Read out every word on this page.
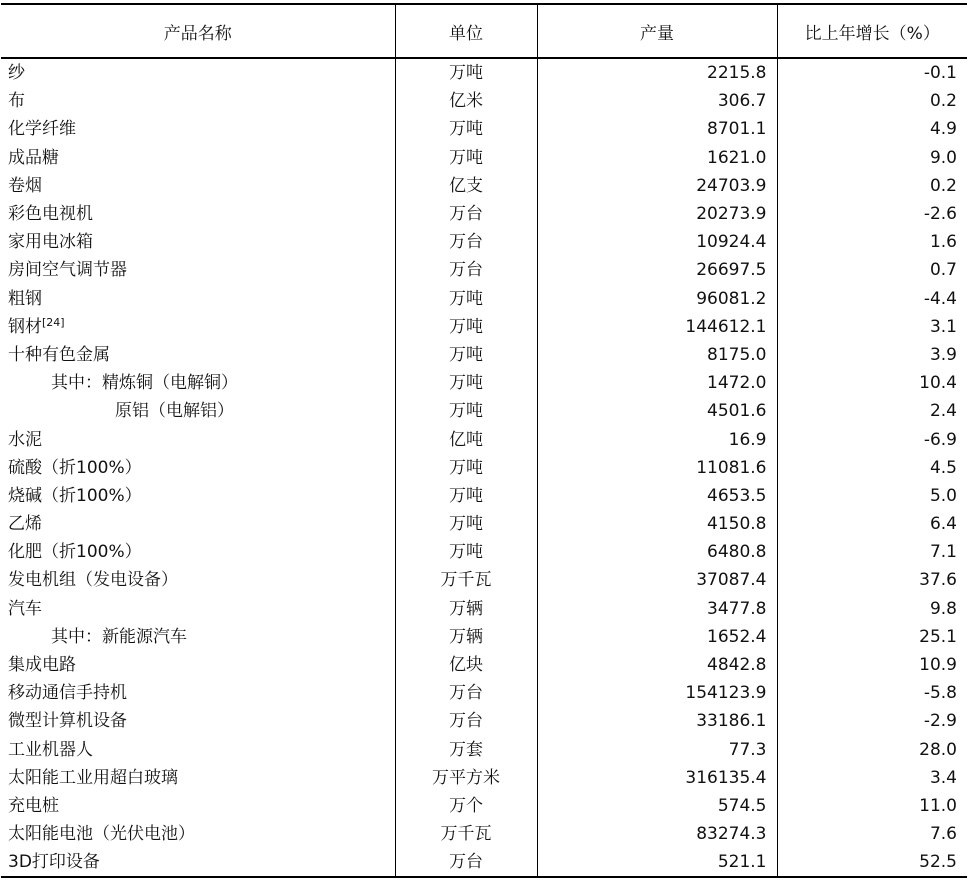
产品名称	单位	产量	比上年增长（%）
纱	万吨	2215.8	-0.1
布	亿米	306.7	0.2
化学纤维	万吨	8701.1	4.9
成品糖	万吨	1621.0	9.0
卷烟	亿支	24703.9	0.2
彩色电视机	万台	20273.9	-2.6
家用电冰箱	万台	10924.4	1.6
房间空气调节器	万台	26697.5	0.7
粗钢	万吨	96081.2	-4.4
钢材[24]	万吨	144612.1	3.1
十种有色金属	万吨	8175.0	3.9
其中：精炼铜（电解铜）	万吨	1472.0	10.4
原铝（电解铝）	万吨	4501.6	2.4
水泥	亿吨	16.9	-6.9
硫酸（折100%）	万吨	11081.6	4.5
烧碱（折100%）	万吨	4653.5	5.0
乙烯	万吨	4150.8	6.4
化肥（折100%）	万吨	6480.8	7.1
发电机组（发电设备）	万千瓦	37087.4	37.6
汽车	万辆	3477.8	9.8
其中：新能源汽车	万辆	1652.4	25.1
集成电路	亿块	4842.8	10.9
移动通信手持机	万台	154123.9	-5.8
微型计算机设备	万台	33186.1	-2.9
工业机器人	万套	77.3	28.0
太阳能工业用超白玻璃	万平方米	316135.4	3.4
充电桩	万个	574.5	11.0
太阳能电池（光伏电池）	万千瓦	83274.3	7.6
3D打印设备	万台	521.1	52.5
